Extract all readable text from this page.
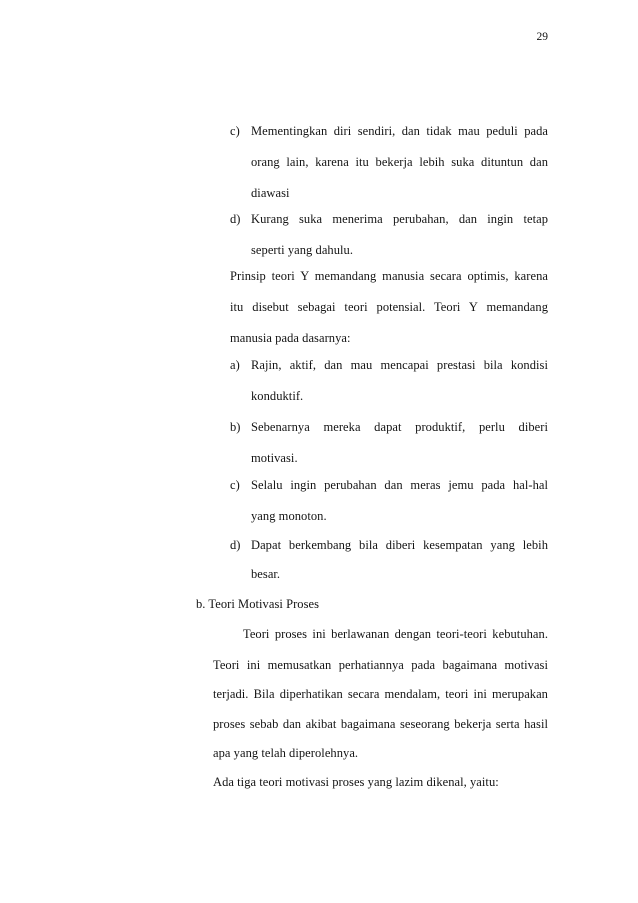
29
c) Mementingkan diri sendiri, dan tidak mau peduli pada
orang lain, karena itu bekerja lebih suka dituntun dan
diawasi
d) Kurang suka menerima perubahan, dan ingin tetap
seperti yang dahulu.
Prinsip teori Y memandang manusia secara optimis, karena
itu disebut sebagai teori potensial. Teori Y memandang
manusia pada dasarnya:
a) Rajin, aktif, dan mau mencapai prestasi bila kondisi
konduktif.
b) Sebenarnya mereka dapat produktif, perlu diberi
motivasi.
c) Selalu ingin perubahan dan meras jemu pada hal-hal
yang monoton.
d) Dapat berkembang bila diberi kesempatan yang lebih
besar.
b. Teori Motivasi Proses
Teori proses ini berlawanan dengan teori-teori kebutuhan.
Teori ini memusatkan perhatiannya pada bagaimana motivasi
terjadi. Bila diperhatikan secara mendalam, teori ini merupakan
proses sebab dan akibat bagaimana seseorang bekerja serta hasil
apa yang telah diperolehnya.
Ada tiga teori motivasi proses yang lazim dikenal, yaitu:
